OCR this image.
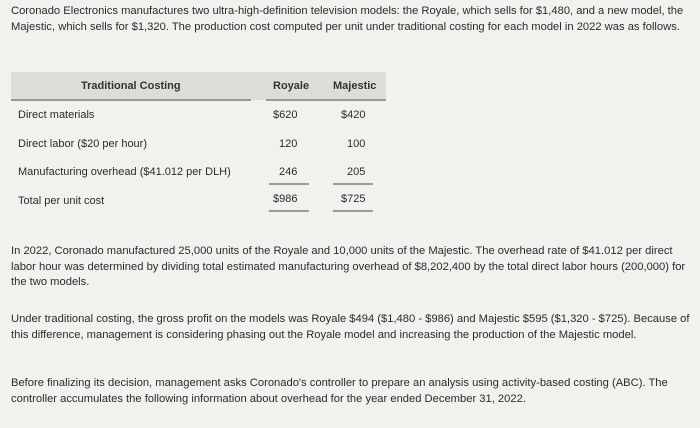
Coronado Electronics manufactures two ultra-high-definition television models: the Royale, which sells for $1,480, and a new model, the Majestic, which sells for $1,320. The production cost computed per unit under traditional costing for each model in 2022 was as follows.

Traditional Costing	Royale Majestic
Direct materials	$620	$420
Direct labor ($20 per hour)	120	100
Manufacturing overhead ($41.012 per DLH)	246	205
Total per unit cost	$986	$725

In 2022, Coronado manufactured 25,000 units of the Royale and 10,000 units of the Majestic. The overhead rate of $41.012 per direct labor hour was determined by dividing total estimated manufacturing overhead of $8,202,400 by the total direct labor hours (200,000) for the two models.

Under traditional costing, the gross profit on the models was Royale $494 ($1,480 - $986) and Majestic $595 ($1,320 - $725). Because of this difference, management is considering phasing out the Royale model and increasing the production of the Majestic model.

Before finalizing its decision, management asks Coronado's controller to prepare an analysis using activity-based costing (ABC). The controller accumulates the following information about overhead for the year ended December 31, 2022.
